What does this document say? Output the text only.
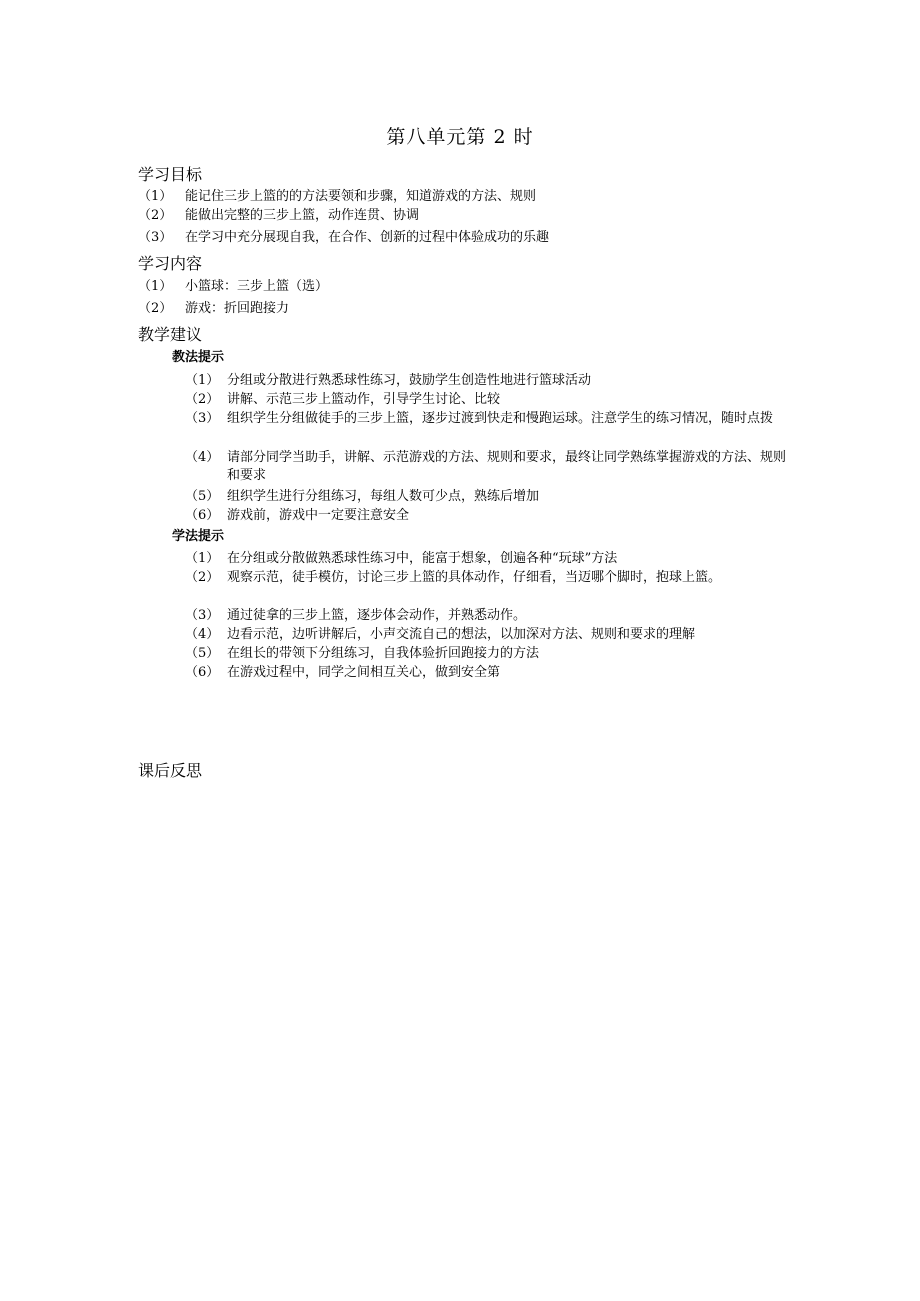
第八单元第 2 时
学习目标
（1） 能记住三步上篮的的方法要领和步骤，知道游戏的方法、规则
（2） 能做出完整的三步上篮，动作连贯、协调
（3） 在学习中充分展现自我，在合作、创新的过程中体验成功的乐趣
学习内容
（1） 小篮球：三步上篮（选）
（2） 游戏：折回跑接力
教学建议
教法提示
（1） 分组或分散进行熟悉球性练习，鼓励学生创造性地进行篮球活动
（2） 讲解、示范三步上篮动作，引导学生讨论、比较
（3） 组织学生分组做徒手的三步上篮，逐步过渡到快走和慢跑运球。注意学生的练习情况，随时点拨
（4） 请部分同学当助手，讲解、示范游戏的方法、规则和要求，最终让同学熟练掌握游戏的方法、规则和要求
（5） 组织学生进行分组练习，每组人数可少点，熟练后增加
（6） 游戏前，游戏中一定要注意安全
学法提示
（1） 在分组或分散做熟悉球性练习中，能富于想象，创遍各种“玩球”方法
（2） 观察示范，徒手模仿，讨论三步上篮的具体动作，仔细看，当迈哪个脚时，抱球上篮。
（3） 通过徒拿的三步上篮，逐步体会动作，并熟悉动作。
（4） 边看示范，边听讲解后，小声交流自己的想法，以加深对方法、规则和要求的理解
（5） 在组长的带领下分组练习，自我体验折回跑接力的方法
（6） 在游戏过程中，同学之间相互关心，做到安全第
课后反思
